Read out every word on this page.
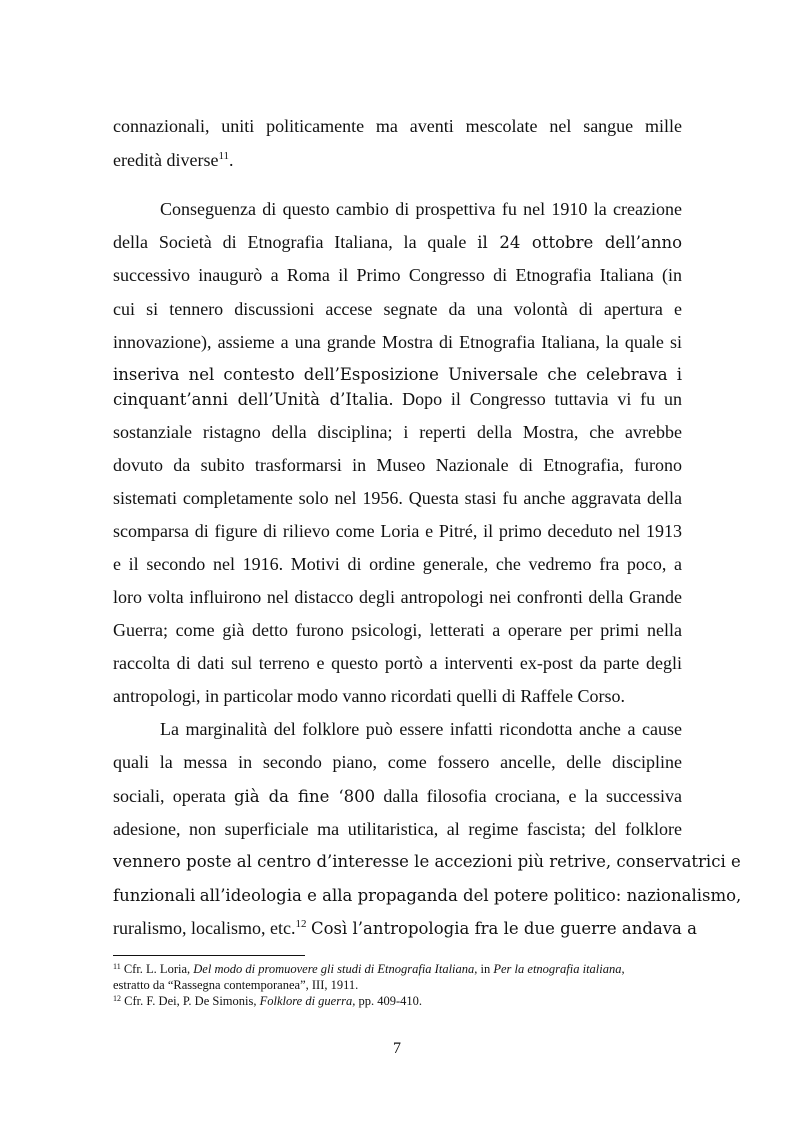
connazionali, uniti politicamente ma aventi mescolate nel sangue mille
eredità diverse$^{11}$.
Conseguenza di questo cambio di prospettiva fu nel 1910 la creazione
della Società di Etnografia Italiana, la quale il 24 ottobre dell’anno
successivo inaugurò a Roma il Primo Congresso di Etnografia Italiana (in
cui si tennero discussioni accese segnate da una volontà di apertura e
innovazione), assieme a una grande Mostra di Etnografia Italiana, la quale si
inseriva nel contesto dell’Esposizione Universale che celebrava i
cinquant’anni dell’Unità d’Italia. Dopo il Congresso tuttavia vi fu un
sostanziale ristagno della disciplina; i reperti della Mostra, che avrebbe
dovuto da subito trasformarsi in Museo Nazionale di Etnografia, furono
sistemati completamente solo nel 1956. Questa stasi fu anche aggravata della
scomparsa di figure di rilievo come Loria e Pitré, il primo deceduto nel 1913
e il secondo nel 1916. Motivi di ordine generale, che vedremo fra poco, a
loro volta influirono nel distacco degli antropologi nei confronti della Grande
Guerra; come già detto furono psicologi, letterati a operare per primi nella
raccolta di dati sul terreno e questo portò a interventi ex-post da parte degli
antropologi, in particolar modo vanno ricordati quelli di Raffele Corso.
La marginalità del folklore può essere infatti ricondotta anche a cause
quali la messa in secondo piano, come fossero ancelle, delle discipline
sociali, operata già da fine ‘800 dalla filosofia crociana, e la successiva
adesione, non superficiale ma utilitaristica, al regime fascista; del folklore
vennero poste al centro d’interesse le accezioni più retrive, conservatrici e
funzionali all’ideologia e alla propaganda del potere politico: nazionalismo,
ruralismo, localismo, etc.$^{12}$ Così l’antropologia fra le due guerre andava a
$^{11}$ Cfr. L. Loria, Del modo di promuovere gli studi di Etnografia Italiana, in Per la etnografia italiana,
estratto da “Rassegna contemporanea”, III, 1911.
$^{12}$ Cfr. F. Dei, P. De Simonis, Folklore di guerra, pp. 409-410.
7
